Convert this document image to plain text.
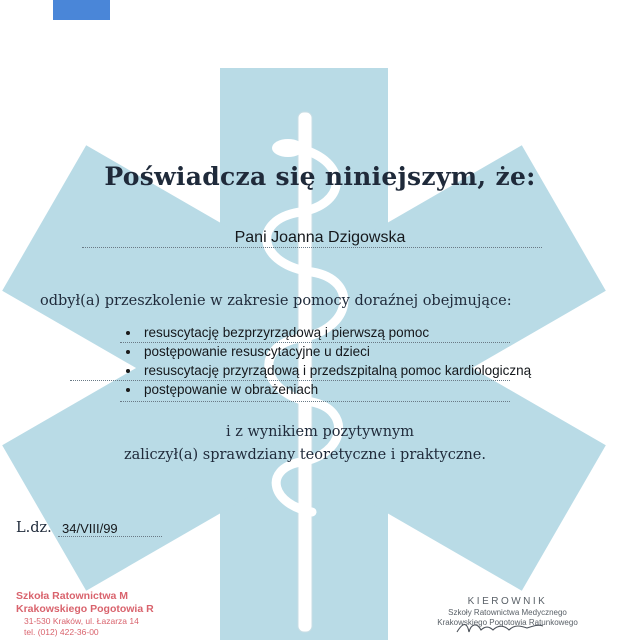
Poświadcza się niniejszym, że:
Pani Joanna Dzigowska
odbył(a) przeszkolenie w zakresie pomocy doraźnej obejmujące:
resuscytację bezprzyrządową i pierwszą pomoc
postępowanie resuscytacyjne u dzieci
resuscytację przyrządową i przedszpitalną pomoc kardiologiczną
postępowanie w obrażeniach
i z wynikiem pozytywnym
zaliczył(a) sprawdziany teoretyczne i praktyczne.
L.dz. 34/VIII/99
Szkoła Ratownictwa M
Krakowskiego Pogotowia R
31-530 Kraków, ul. Łazarza 14
tel. (012) 422-36-00
KIEROWNIK
Szkoły Ratownictwa Medycznego
Krakowskiego Pogotowia Ratunkowego
